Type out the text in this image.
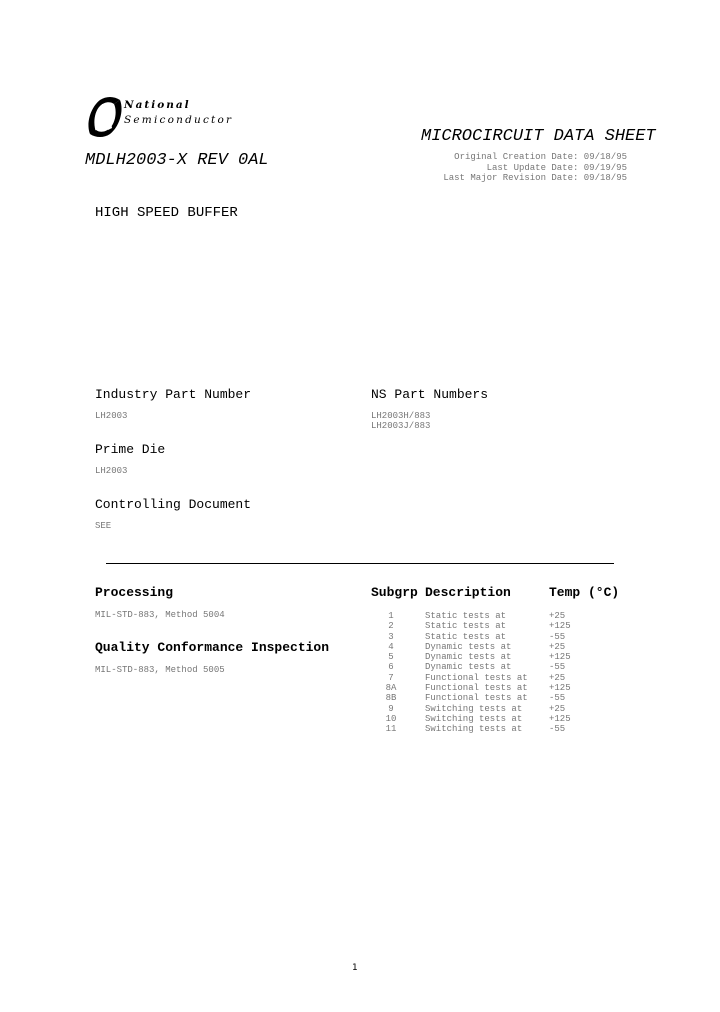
National
Semiconductor
MICROCIRCUIT DATA SHEET
MDLH2003-X REV 0AL	Original Creation Date: 09/18/95
Last Update Date: 09/19/95
Last Major Revision Date: 09/18/95
HIGH SPEED BUFFER
Industry Part Number
LH2003
NS Part Numbers
LH2003H/883
LH2003J/883
Prime Die
LH2003
Controlling Document
SEE
Processing
MIL-STD-883, Method 5004
Quality Conformance Inspection
MIL-STD-883, Method 5005
Subgrp Description	Temp (°C)
1	Static tests at	+25
2	Static tests at	+125
3	Static tests at	-55
4	Dynamic tests at	+25
5	Dynamic tests at	+125
6	Dynamic tests at	-55
7	Functional tests at	+25
8A	Functional tests at	+125
8B	Functional tests at	-55
9	Switching tests at	+25
10	Switching tests at	+125
11	Switching tests at	-55
1
